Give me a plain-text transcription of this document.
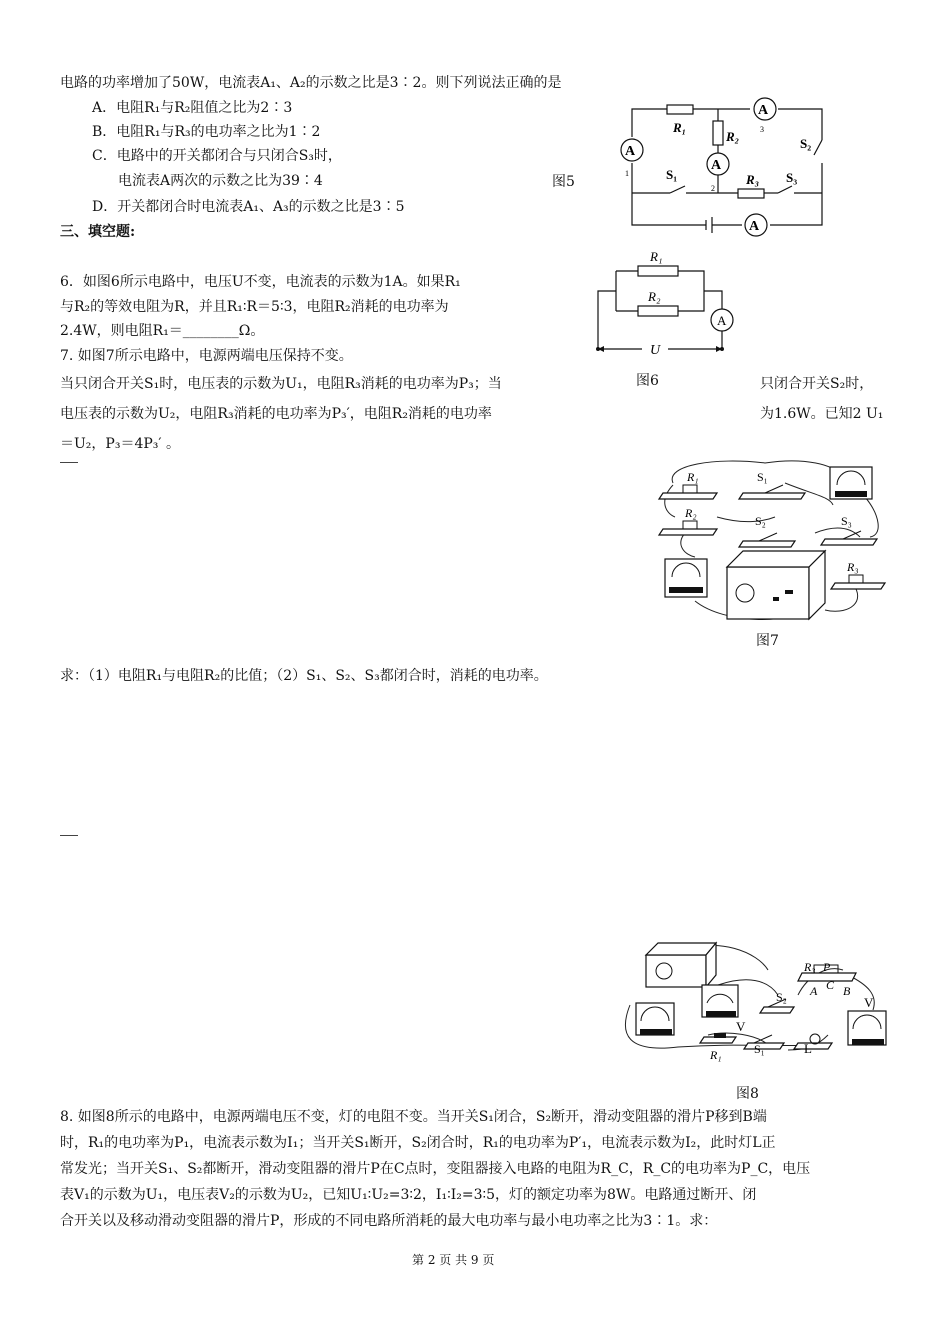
电路的功率增加了50W，电流表A₁、A₂的示数之比是3∶2。则下列说法正确的是
A．电阻R₁与R₂阻值之比为2∶3
B．电阻R₁与R₃的电功率之比为1∶2
C．电路中的开关都闭合与只闭合S₃时，
电流表A两次的示数之比为39∶4
D．开关都闭合时电流表A₁、A₃的示数之比是3∶5
图5
A
1
A
2
A
3
A
R₁
R₂
R₃
S₁
S₂
S₃
三、填空题:
6．如图6所示电路中，电压U不变，电流表的示数为1A。如果R₁
与R₂的等效电阻为R，并且R₁∶R＝5∶3，电阻R₂消耗的电功率为
2.4W，则电阻R₁＝________Ω。
R₁
R₂
A
U
图6
7. 如图7所示电路中，电源两端电压保持不变。
当只闭合开关S₁时，电压表的示数为U₁，电阻R₃消耗的电功率为P₃；当
电压表的示数为U₂，电阻R₃消耗的电功率为P₃′，电阻R₂消耗的电功率
＝U₂，P₃＝4P₃′ 。
只闭合开关S₂时，
为1.6W。已知2 U₁
R₁
R₂
R₃
S₁
S₂	S₃
图7
求：（1）电阻R₁与电阻R₂的比值；（2）S₁、S₂、S₃都闭合时，消耗的电功率。
R₃ P
A C B
S₂
V
V
R₁	S₁	L
图8
8. 如图8所示的电路中，电源两端电压不变，灯的电阻不变。当开关S₁闭合，S₂断开，滑动变阻器的滑片P移到B端
时，R₁的电功率为P₁，电流表示数为I₁；当开关S₁断开，S₂闭合时，R₁的电功率为P′₁，电流表示数为I₂，此时灯L正
常发光；当开关S₁、S₂都断开，滑动变阻器的滑片P在C点时，变阻器接入电路的电阻为R_C，R_C的电功率为P_C，电压
表V₁的示数为U₁，电压表V₂的示数为U₂，已知U₁∶U₂=3∶2，I₁∶I₂=3∶5，灯的额定功率为8W。电路通过断开、闭
合开关以及移动滑动变阻器的滑片P，形成的不同电路所消耗的最大电功率与最小电功率之比为3∶1。求：
第 2 页 共 9 页
